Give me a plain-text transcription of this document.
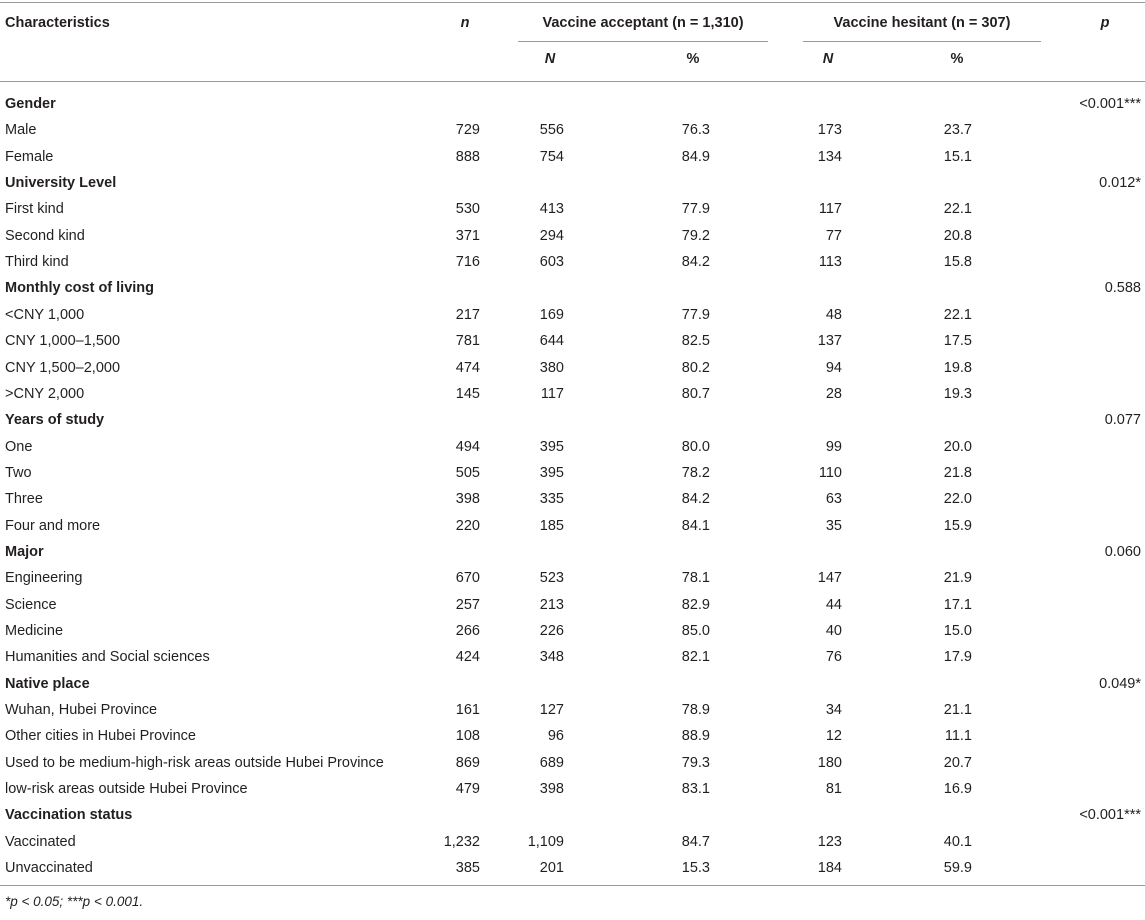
Characteristics	n	Vaccine acceptant (n = 1,310)	Vaccine hesitant (n = 307)	p
N	%	N	%
Gender	<0.001***
Male	729	556	76.3	173	23.7
Female	888	754	84.9	134	15.1
University Level	0.012*
First kind	530	413	77.9	117	22.1
Second kind	371	294	79.2	77	20.8
Third kind	716	603	84.2	113	15.8
Monthly cost of living	0.588
<CNY 1,000	217	169	77.9	48	22.1
CNY 1,000–1,500	781	644	82.5	137	17.5
CNY 1,500–2,000	474	380	80.2	94	19.8
>CNY 2,000	145	117	80.7	28	19.3
Years of study	0.077
One	494	395	80.0	99	20.0
Two	505	395	78.2	110	21.8
Three	398	335	84.2	63	22.0
Four and more	220	185	84.1	35	15.9
Major	0.060
Engineering	670	523	78.1	147	21.9
Science	257	213	82.9	44	17.1
Medicine	266	226	85.0	40	15.0
Humanities and Social sciences	424	348	82.1	76	17.9
Native place	0.049*
Wuhan, Hubei Province	161	127	78.9	34	21.1
Other cities in Hubei Province	108	96	88.9	12	11.1
Used to be medium-high-risk areas outside Hubei Province	869	689	79.3	180	20.7
low-risk areas outside Hubei Province	479	398	83.1	81	16.9
Vaccination status	<0.001***
Vaccinated	1,232	1,109	84.7	123	40.1
Unvaccinated	385	201	15.3	184	59.9
*p < 0.05; ***p < 0.001.
